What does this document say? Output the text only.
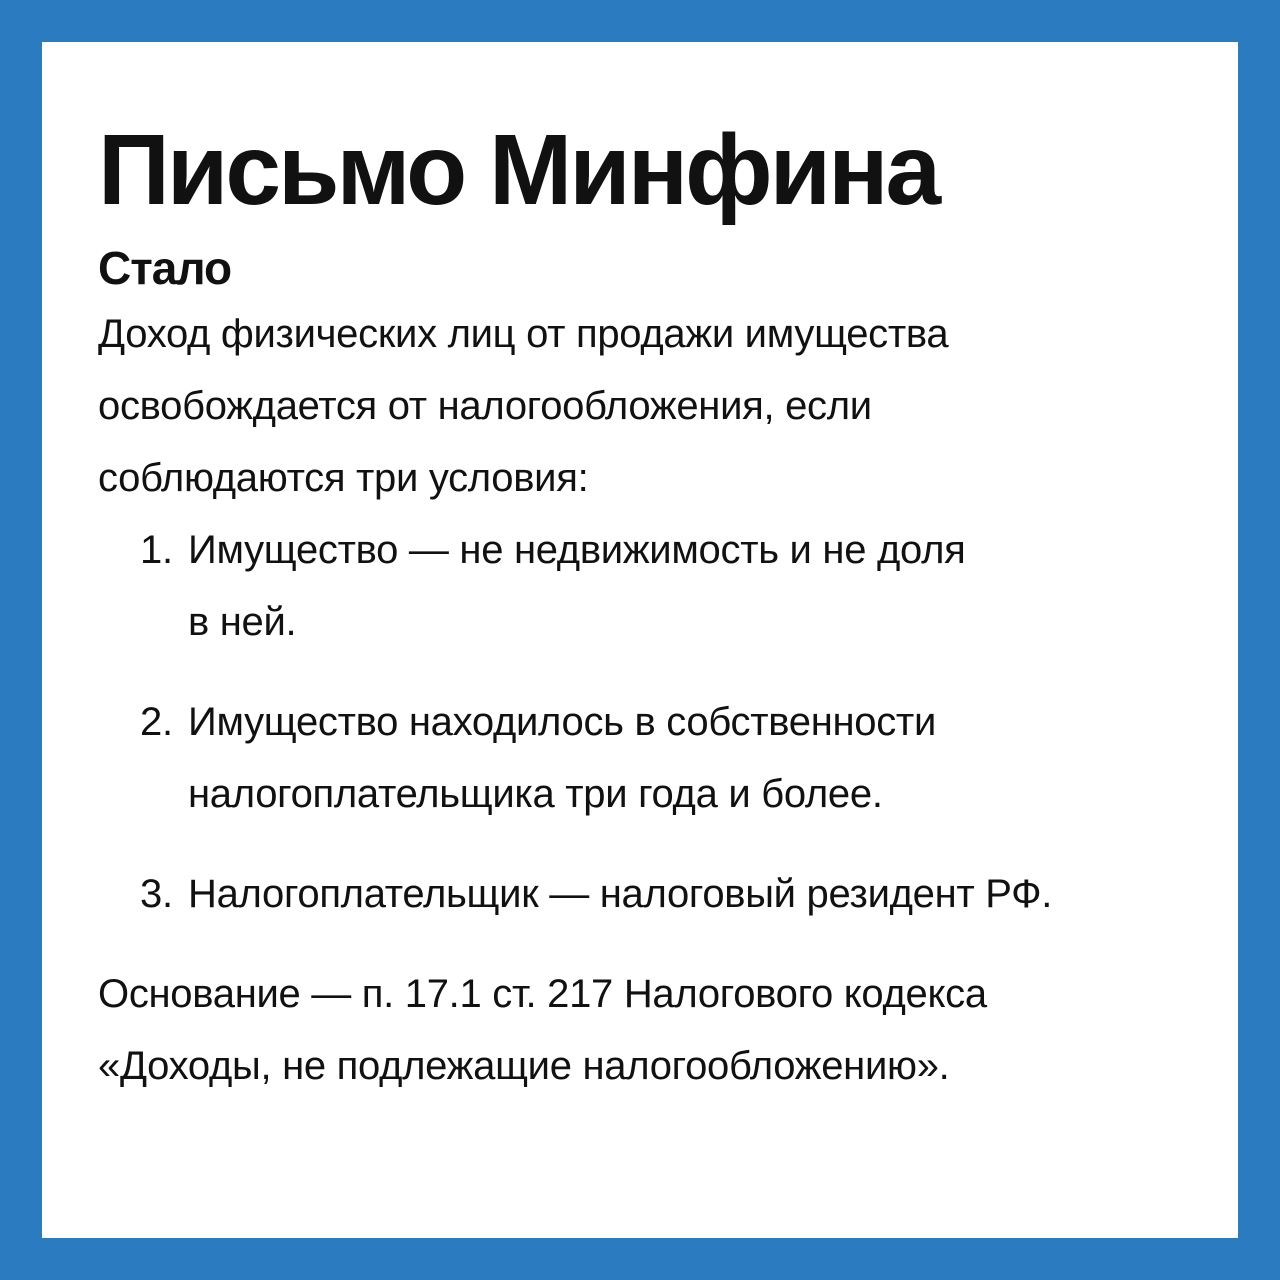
Письмо Минфина
Стало

Доход физических лиц от продажи имущества
освобождается от налогообложения, если
соблюдаются три условия:

1. Имущество — не недвижимость и не доля
в ней.
2. Имущество находилось в собственности
налогоплательщика три года и более.
3. Налогоплательщик — налоговый резидент РФ.

Основание — п. 17.1 ст. 217 Налогового кодекса
«Доходы, не подлежащие налогообложению».
